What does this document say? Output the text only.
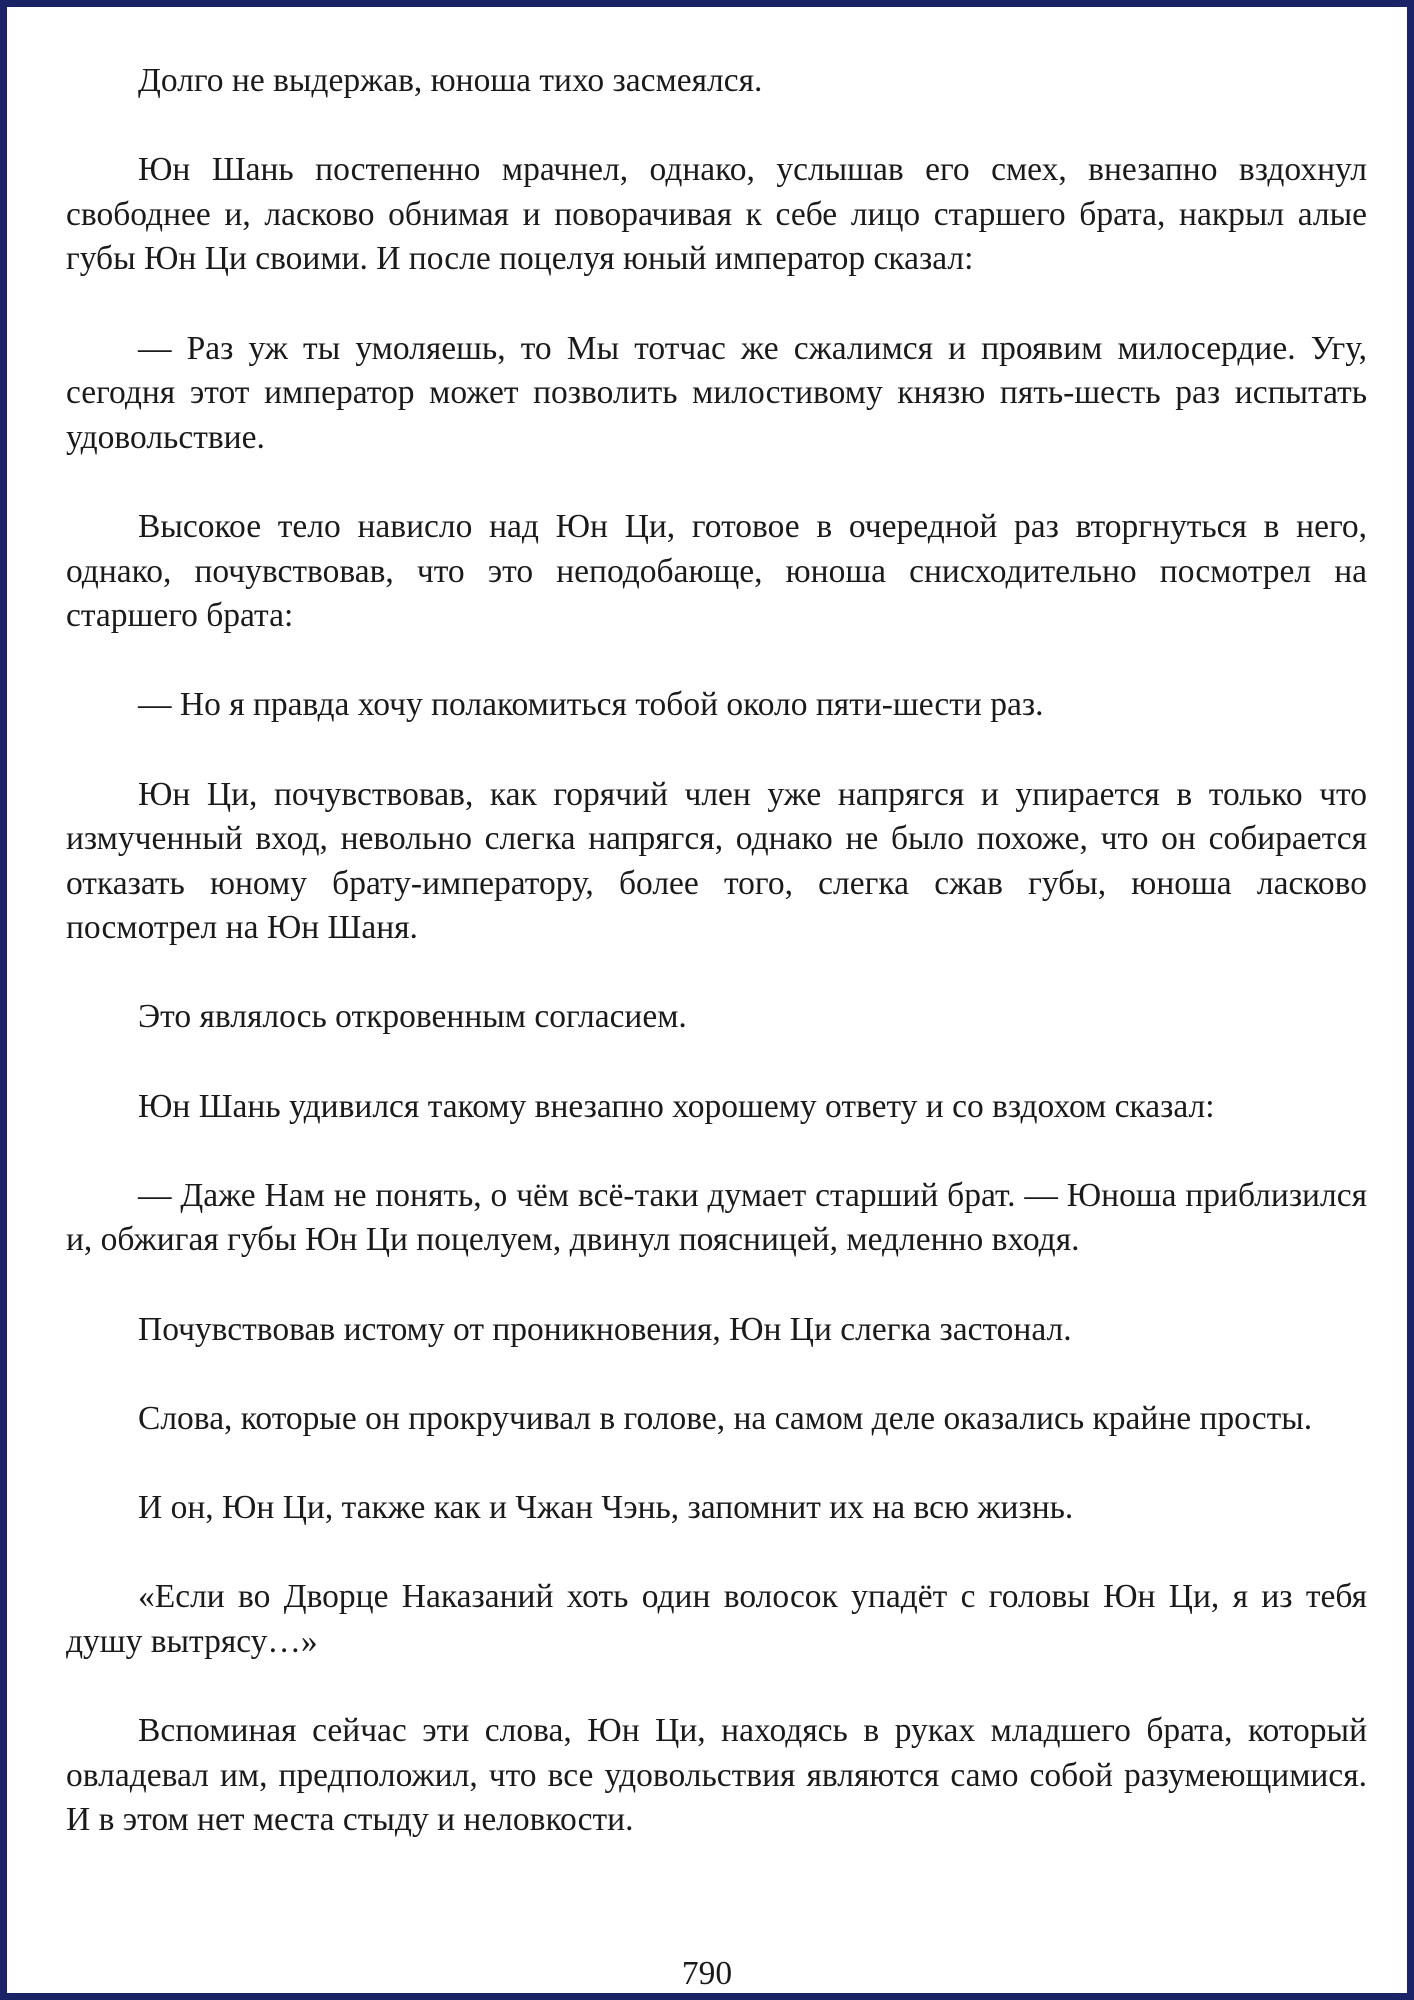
Долго не выдержав, юноша тихо засмеялся.

Юн Шань постепенно мрачнел, однако, услышав его смех, внезапно вздохнул свободнее и, ласково обнимая и поворачивая к себе лицо старшего брата, накрыл алые губы Юн Ци своими. И после поцелуя юный император сказал:

— Раз уж ты умоляешь, то Мы тотчас же сжалимся и проявим милосердие. Угу, сегодня этот император может позволить милостивому князю пять-шесть раз испытать удовольствие.

Высокое тело нависло над Юн Ци, готовое в очередной раз вторгнуться в него, однако, почувствовав, что это неподобающе, юноша снисходительно посмотрел на старшего брата:

— Но я правда хочу полакомиться тобой около пяти-шести раз.

Юн Ци, почувствовав, как горячий член уже напрягся и упирается в только что измученный вход, невольно слегка напрягся, однако не было похоже, что он собирается отказать юному брату-императору, более того, слегка сжав губы, юноша ласково посмотрел на Юн Шаня.

Это являлось откровенным согласием.

Юн Шань удивился такому внезапно хорошему ответу и со вздохом сказал:

— Даже Нам не понять, о чём всё-таки думает старший брат. — Юноша приблизился и, обжигая губы Юн Ци поцелуем, двинул поясницей, медленно входя.

Почувствовав истому от проникновения, Юн Ци слегка застонал.

Слова, которые он прокручивал в голове, на самом деле оказались крайне просты.

И он, Юн Ци, также как и Чжан Чэнь, запомнит их на всю жизнь.

«Если во Дворце Наказаний хоть один волосок упадёт с головы Юн Ци, я из тебя душу вытрясу…»

Вспоминая сейчас эти слова, Юн Ци, находясь в руках младшего брата, который овладевал им, предположил, что все удовольствия являются само собой разумеющимися. И в этом нет места стыду и неловкости.

790
